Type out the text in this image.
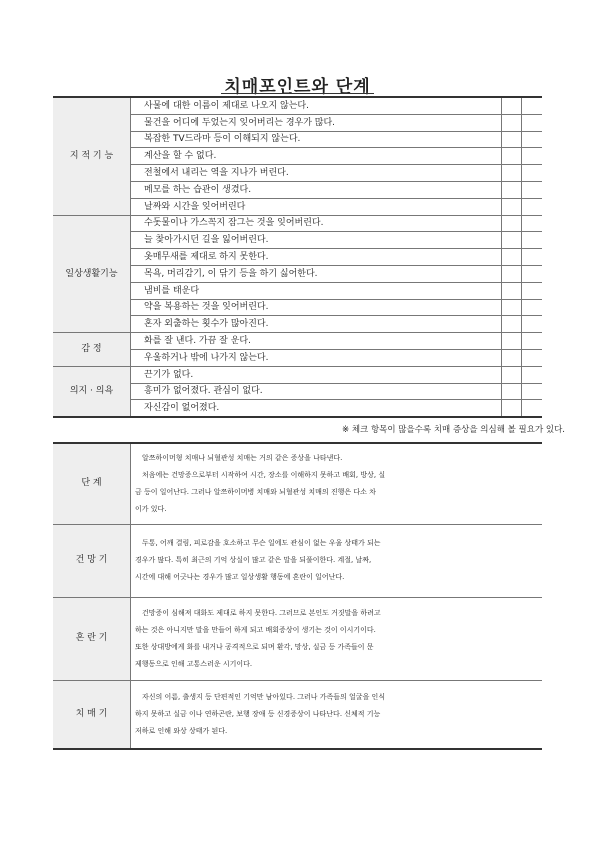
치매포인트와 단계
지 적 기 능	사물에 대한 이름이 제대로 나오지 않는다.		
	물건을 어디에 두었는지 잊어버리는 경우가 많다.		
	복잡한 TV드라마 등이 이해되지 않는다.		
	계산을 할 수 없다.		
	전철에서 내리는 역을 지나가 버린다.		
	메모를 하는 습관이 생겼다.		
	날짜와 시간을 잊어버린다		
일상생활기능	수돗물이나 가스꼭지 잠그는 것을 잊어버린다.		
	늘 찾아가시던 길을 잃어버린다.		
	옷매무새를 제대로 하지 못한다.		
	목욕, 머리감기, 이 닦기 등을 하기 싫어한다.		
	냄비를 태운다		
	약을 복용하는 것을 잊어버린다.		
	혼자 외출하는 횟수가 많아진다.		
감 정	화를 잘 낸다. 가끔 잘 운다.		
	우울하거나 밖에 나가지 않는다.		
의지 · 의욕	끈기가 없다.		
	흥미가 없어졌다. 관심이 없다.		
	자신감이 없어졌다.		
※ 체크 항목이 많을수록 치매 증상을 의심해 볼 필요가 있다.
단 계	알쯔하이머형 치매나 뇌혈관성 치매는 거의 같은 증상을 나타낸다.
처음에는 건망증으로부터 시작하여 시간, 장소를 이해하지 못하고 배회, 방상, 실
금 등이 일어난다. 그러나 알쯔하이머병 치매와 뇌혈관성 치매의 진행은 다소 차
이가 있다.

건 망 기	두통, 어깨 결림, 피로감을 호소하고 무슨 일에도 관심이 없는 우울 상태가 되는
경우가 많다. 특히 최근의 기억 상실이 많고 같은 말을 되풀이한다. 계절, 날짜,
시간에 대해 어긋나는 경우가 많고 일상생활 행동에 혼란이 일어난다.

혼 란 기	건망증이 심해져 대화도 제대로 하지 못한다. 그러므로 본인도 거짓말을 하려고
하는 것은 아니지만 말을 만들어 하게 되고 배회증상이 생기는 것이 이시기이다.
또한 상대방에게 화를 내거나 공격적으로 되며 환각, 망상, 실금 등 가족들이 문
제행동으로 인해 고통스러운 시기이다.

치 매 기	자신의 이름, 출생지 등 단편적인 기억만 남아있다. 그러나 가족들의 얼굴을 인식
하지 못하고 실금 이나 연하곤란, 보행 장애 등 신경증상이 나타난다. 신체적 기능
저하로 인해 와상 상태가 된다.
